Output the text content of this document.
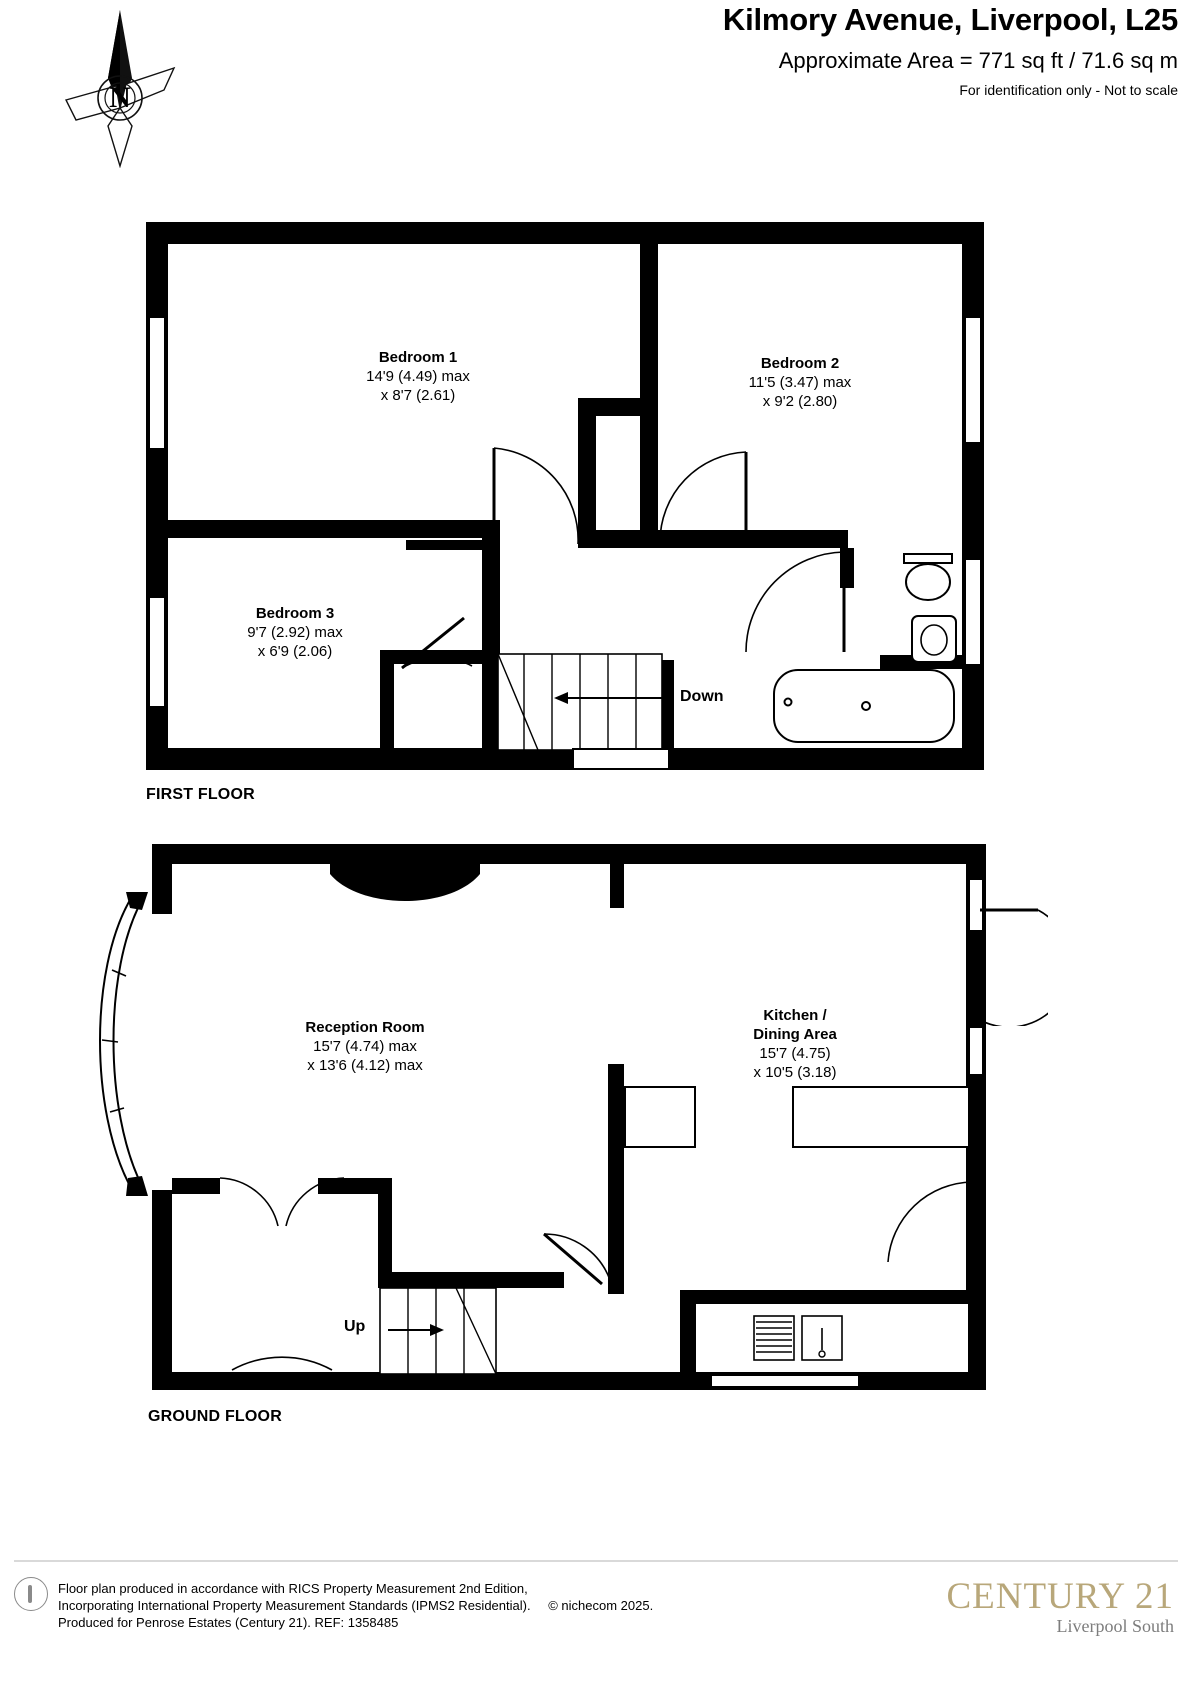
Kilmory Avenue, Liverpool, L25
Approximate Area = 771 sq ft / 71.6 sq m
For identification only - Not to scale
N
Down
Bedroom 1
14'9 (4.49) max
x 8'7 (2.61)
Bedroom 2
11'5 (3.47) max
x 9'2 (2.80)
Bedroom 3
9'7 (2.92) max
x 6'9 (2.06)
FIRST FLOOR
Up
Reception Room
15'7 (4.74) max
x 13'6 (4.12) max
Kitchen /
Dining Area
15'7 (4.75)
x 10'5 (3.18)
GROUND FLOOR
Floor plan produced in accordance with RICS Property Measurement 2nd Edition,
Incorporating International Property Measurement Standards (IPMS2 Residential). © nichecom 2025.
Produced for Penrose Estates (Century 21). REF: 1358485
CENTURY 21
Liverpool South
